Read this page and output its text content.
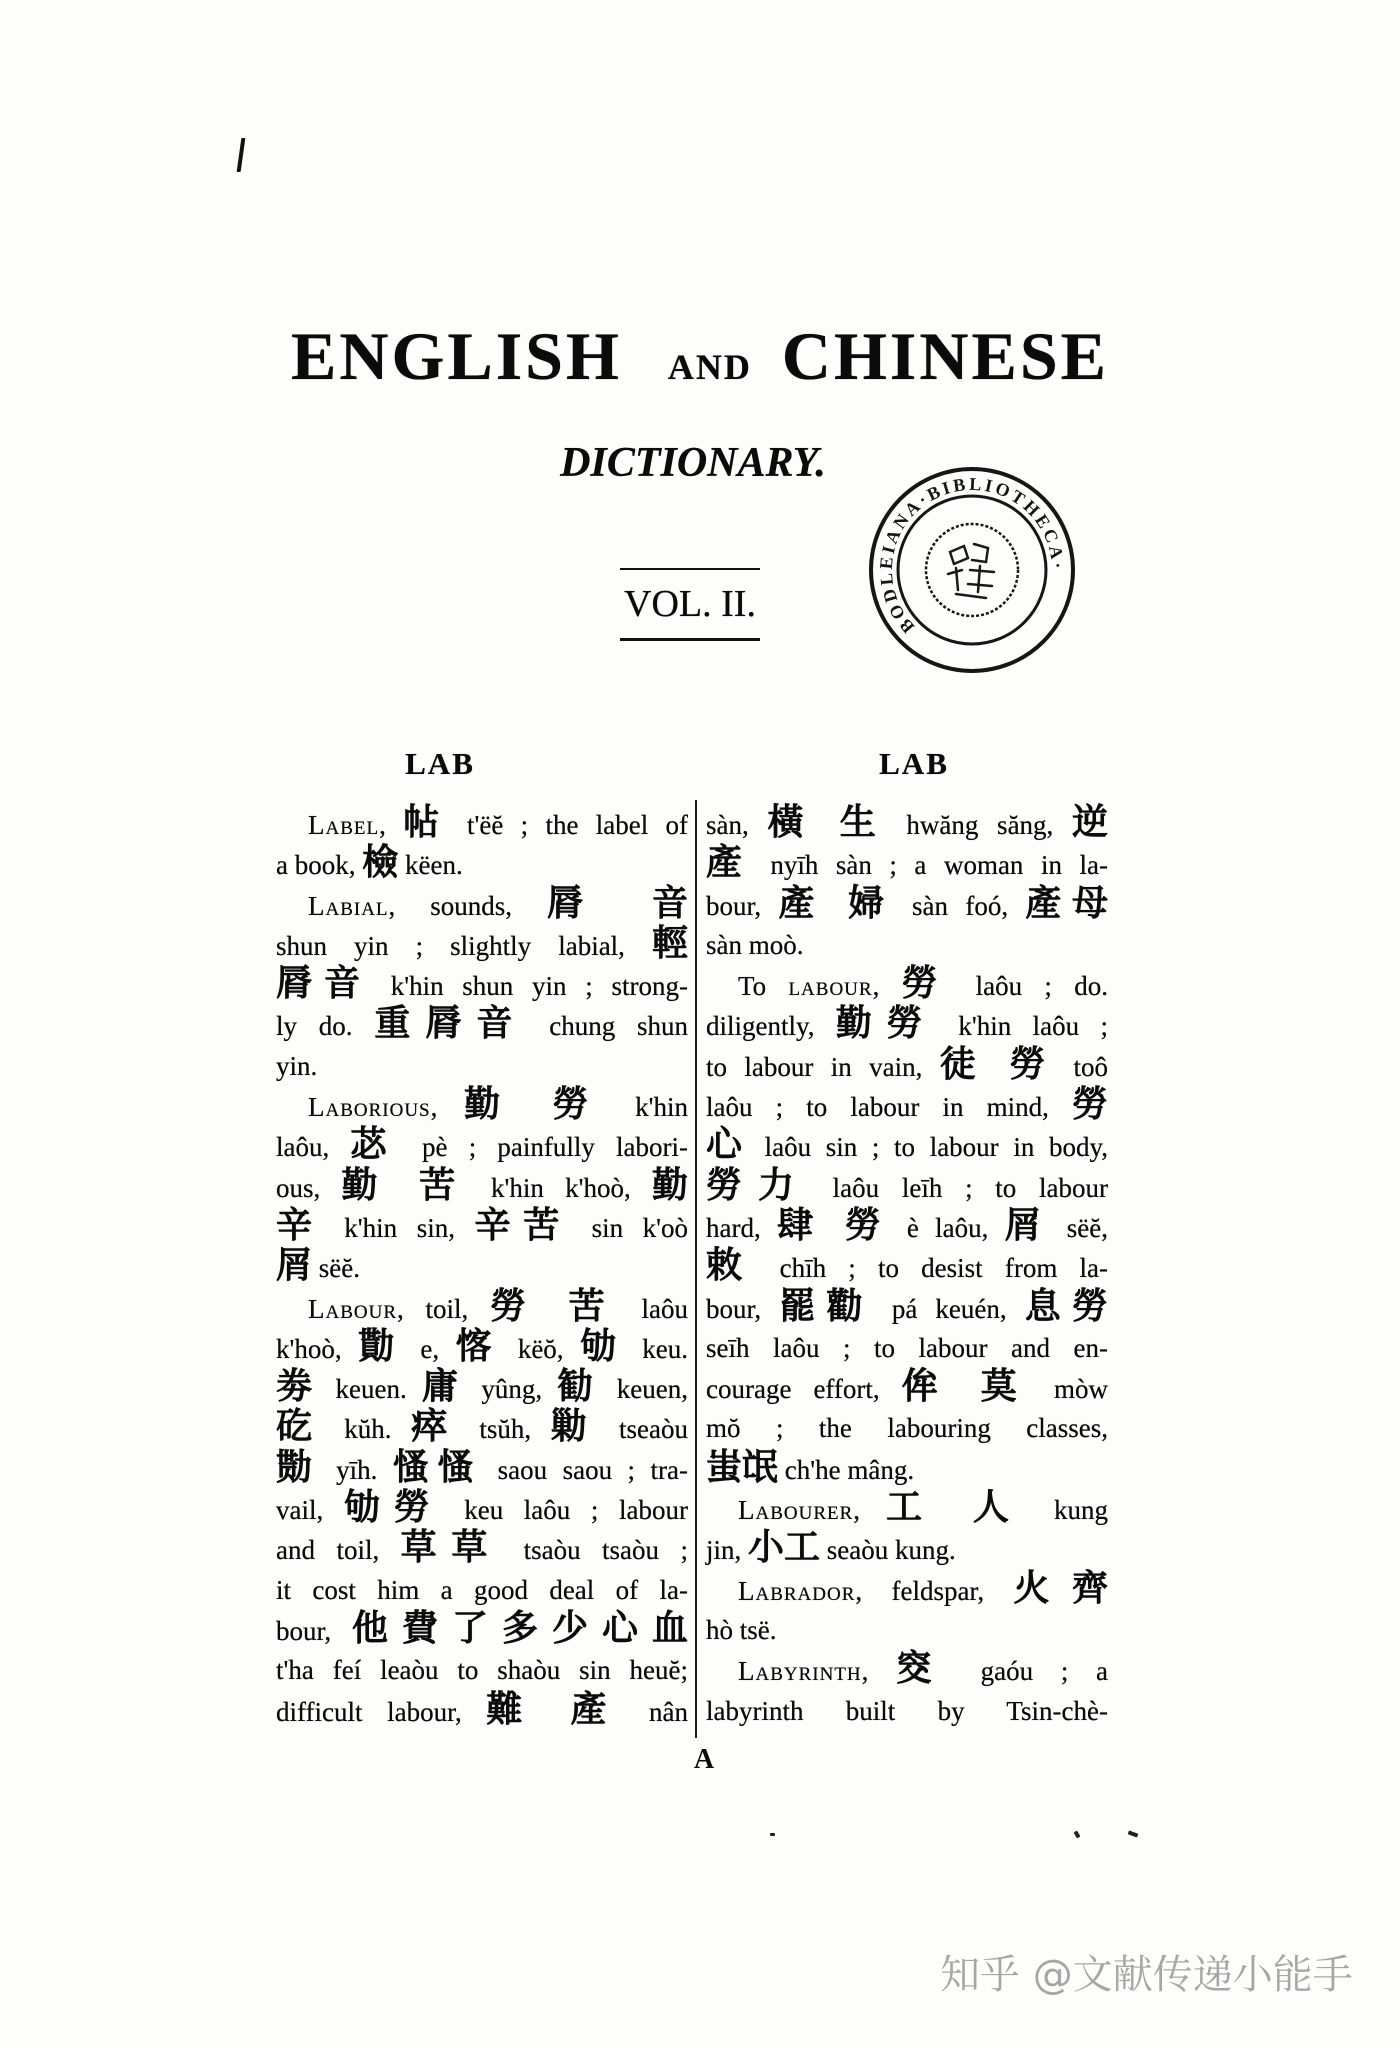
ENGLISH AND CHINESE
DICTIONARY.
VOL. II.	BODLEIANA·BIBLIOTHECA·
LAB	LAB
Label, 帖 t'ëĕ ; the label of
a book, 檢 këen.
Labial, sounds, 脣 音
shun yin ; slightly labial, 輕
脣音 k'hin shun yin ; strong-
ly do. 重脣音 chung shun
yin.
Laborious, 勤 勞 k'hin
laôu, 苾 pè ; painfully labori-
ous, 勤 苦 k'hin k'hoò, 勤
辛 k'hin sin, 辛苦 sin k'oò
屑 sëĕ.
Labour, toil, 勞 苦 laôu
k'hoò, 勩 e, 愘 këŏ, 劬 keu.
劵 keuen. 庸 yûng, 勧 keuen,
矻 kŭh. 瘁 tsŭh, 勦 tseaòu
勚 yīh. 慅慅 saou saou ; tra-
vail, 劬勞 keu laôu ; labour
and toil, 草草 tsaòu tsaòu ;
it cost him a good deal of la-
bour, 他費了多少心血
t'ha feí leaòu to shaòu sin heuĕ;
difficult labour, 難 產 nân
sàn, 橫 生 hwăng săng, 逆
產 nyīh sàn ; a woman in la-
bour, 產 婦 sàn foó, 產母
sàn moò.
To labour, 勞 laôu ; do.
diligently, 勤勞 k'hin laôu ;
to labour in vain, 徒 勞 toô
laôu ; to labour in mind, 勞
心 laôu sin ; to labour in body,
勞力 laôu leīh ; to labour
hard, 肆 勞 è laôu, 屑 sëĕ,
敕 chīh ; to desist from la-
bour, 罷勸 pá keuén, 息勞
seīh laôu ; to labour and en-
courage effort, 侔 莫 mòw
mŏ ; the labouring classes,
蚩氓 ch'he mâng.
Labourer, 工 人 kung
jin, 小工 seaòu kung.
Labrador, feldspar, 火齊
hò tsë.
Labyrinth, 窔 gaóu ; a
labyrinth built by Tsin-chè-
A
知乎 @文献传递小能手
